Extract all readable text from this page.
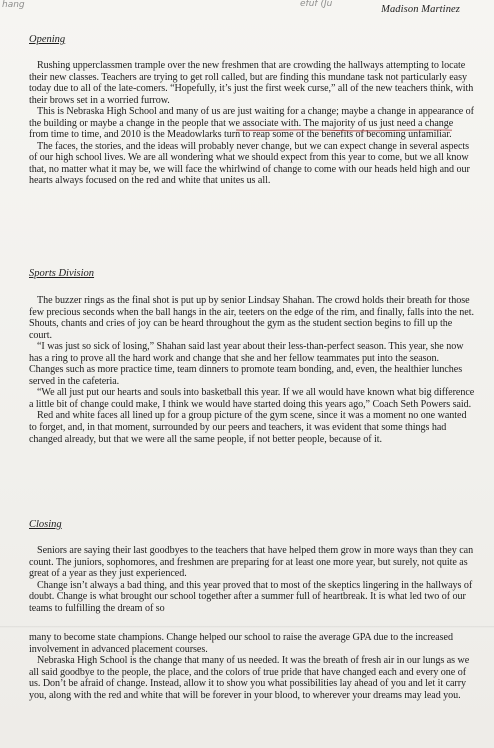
hang	efuf (Ju	Madison Martinez

Opening

Rushing upperclassmen trample over the new freshmen that are crowding the hallways attempting to locate their new classes. Teachers are trying to get roll called, but are finding this mundane task not particularly easy today due to all of the late-comers. “Hopefully, it’s just the first week curse,” all of the new teachers think, with their brows set in a worried furrow.

This is Nebraska High School and many of us are just waiting for a change; maybe a change in appearance of the building or maybe a change in the people that we associate with. The majority of us just need a change from time to time, and 2010 is the Meadowlarks turn to reap some of the benefits of becoming unfamiliar.

The faces, the stories, and the ideas will probably never change, but we can expect change in several aspects of our high school lives. We are all wondering what we should expect from this year to come, but we all know that, no matter what it may be, we will face the whirlwind of change to come with our heads held high and our hearts always focused on the red and white that unites us all.

Sports Division

The buzzer rings as the final shot is put up by senior Lindsay Shahan. The crowd holds their breath for those few precious seconds when the ball hangs in the air, teeters on the edge of the rim, and finally, falls into the net. Shouts, chants and cries of joy can be heard throughout the gym as the student section begins to fill up the court.

“I was just so sick of losing,” Shahan said last year about their less-than-perfect season. This year, she now has a ring to prove all the hard work and change that she and her fellow teammates put into the season. Changes such as more practice time, team dinners to promote team bonding, and, even, the healthier lunches served in the cafeteria.

“We all just put our hearts and souls into basketball this year. If we all would have known what big difference a little bit of change could make, I think we would have started doing this years ago,” Coach Seth Powers said.

Red and white faces all lined up for a group picture of the gym scene, since it was a moment no one wanted to forget, and, in that moment, surrounded by our peers and teachers, it was evident that some things had changed already, but that we were all the same people, if not better people, because of it.

Closing

Seniors are saying their last goodbyes to the teachers that have helped them grow in more ways than they can count. The juniors, sophomores, and freshmen are preparing for at least one more year, but surely, not quite as great of a year as they just experienced.

Change isn’t always a bad thing, and this year proved that to most of the skeptics lingering in the hallways of doubt. Change is what brought our school together after a summer full of heartbreak. It is what led two of our teams to fulfilling the dream of so

many to become state champions. Change helped our school to raise the average GPA due to the increased involvement in advanced placement courses.

Nebraska High School is the change that many of us needed. It was the breath of fresh air in our lungs as we all said goodbye to the people, the place, and the colors of true pride that have changed each and every one of us. Don’t be afraid of change. Instead, allow it to show you what possibilities lay ahead of you and let it carry you, along with the red and white that will be forever in your blood, to wherever your dreams may lead you.
